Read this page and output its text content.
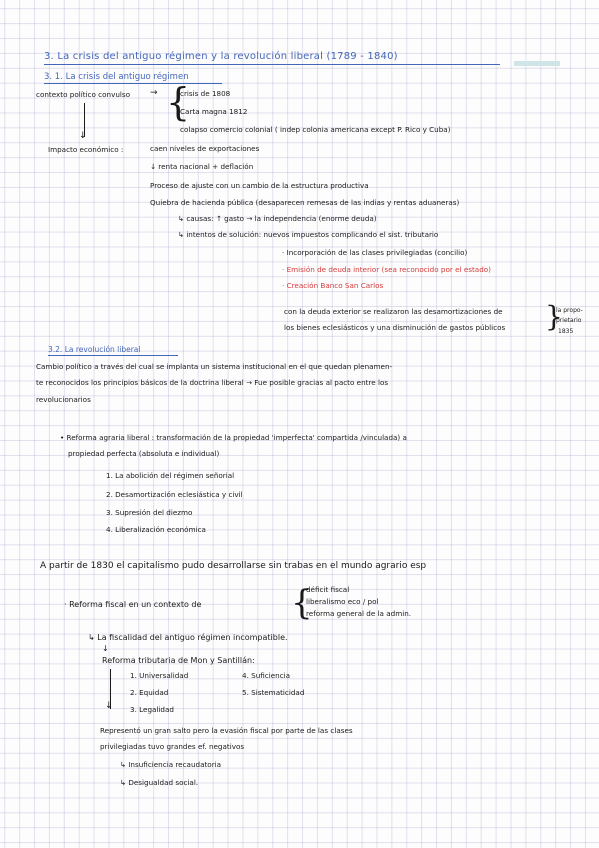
3. La crisis del antiguo régimen y la revolución liberal (1789 - 1840)
3. 1. La crisis del antiguo régimen
contexto político convulso → {
crisis de 1808
Carta magna 1812
colapso comercio colonial ( indep colonia americana except P. Rico y Cuba)
↓
Impacto económico :	caen niveles de exportaciones
↓ renta nacional + deflación
Proceso de ajuste con un cambio de la estructura productiva
Quiebra de hacienda pública (desaparecen remesas de las indias y rentas aduaneras)
↳ causas: ↑ gasto → la independencia (enorme deuda)
↳ intentos de solución: nuevos impuestos complicando el sist. tributario
· Incorporación de las clases privilegiadas (concilio)
· Emisión de deuda interior (sea reconocido por el estado)
· Creación Banco San Carlos
con la deuda exterior se realizaron las desamortizaciones de
los bienes eclesiásticos y una disminución de gastos públicos }
la propo-
prietario
1835
3.2. La revolución liberal
Cambio político a través del cual se implanta un sistema institucional en el que quedan plenamen-
te reconocidos los principios básicos de la doctrina liberal → Fue posible gracias al pacto entre los
revolucionarios
• Reforma agraria liberal : transformación de la propiedad 'imperfecta' compartida /vinculada) a
propiedad perfecta (absoluta e individual)
1. La abolición del régimen señorial
2. Desamortización eclesiástica y civil
3. Supresión del diezmo
4. Liberalización económica
A partir de 1830 el capitalismo pudo desarrollarse sin trabas en el mundo agrario esp
· Reforma fiscal en un contexto de	{
déficit fiscal
liberalismo eco / pol
reforma general de la admin.
↳ La fiscalidad del antiguo régimen incompatible.
↓
Reforma tributaria de Mon y Santillán:
↓
1. Universalidad
2. Equidad
3. Legalidad
4. Suficiencia
5. Sistematicidad
Representó un gran salto pero la evasión fiscal por parte de las clases
privilegiadas tuvo grandes ef. negativos
↳ Insuficiencia recaudatoria
↳ Desigualdad social.
